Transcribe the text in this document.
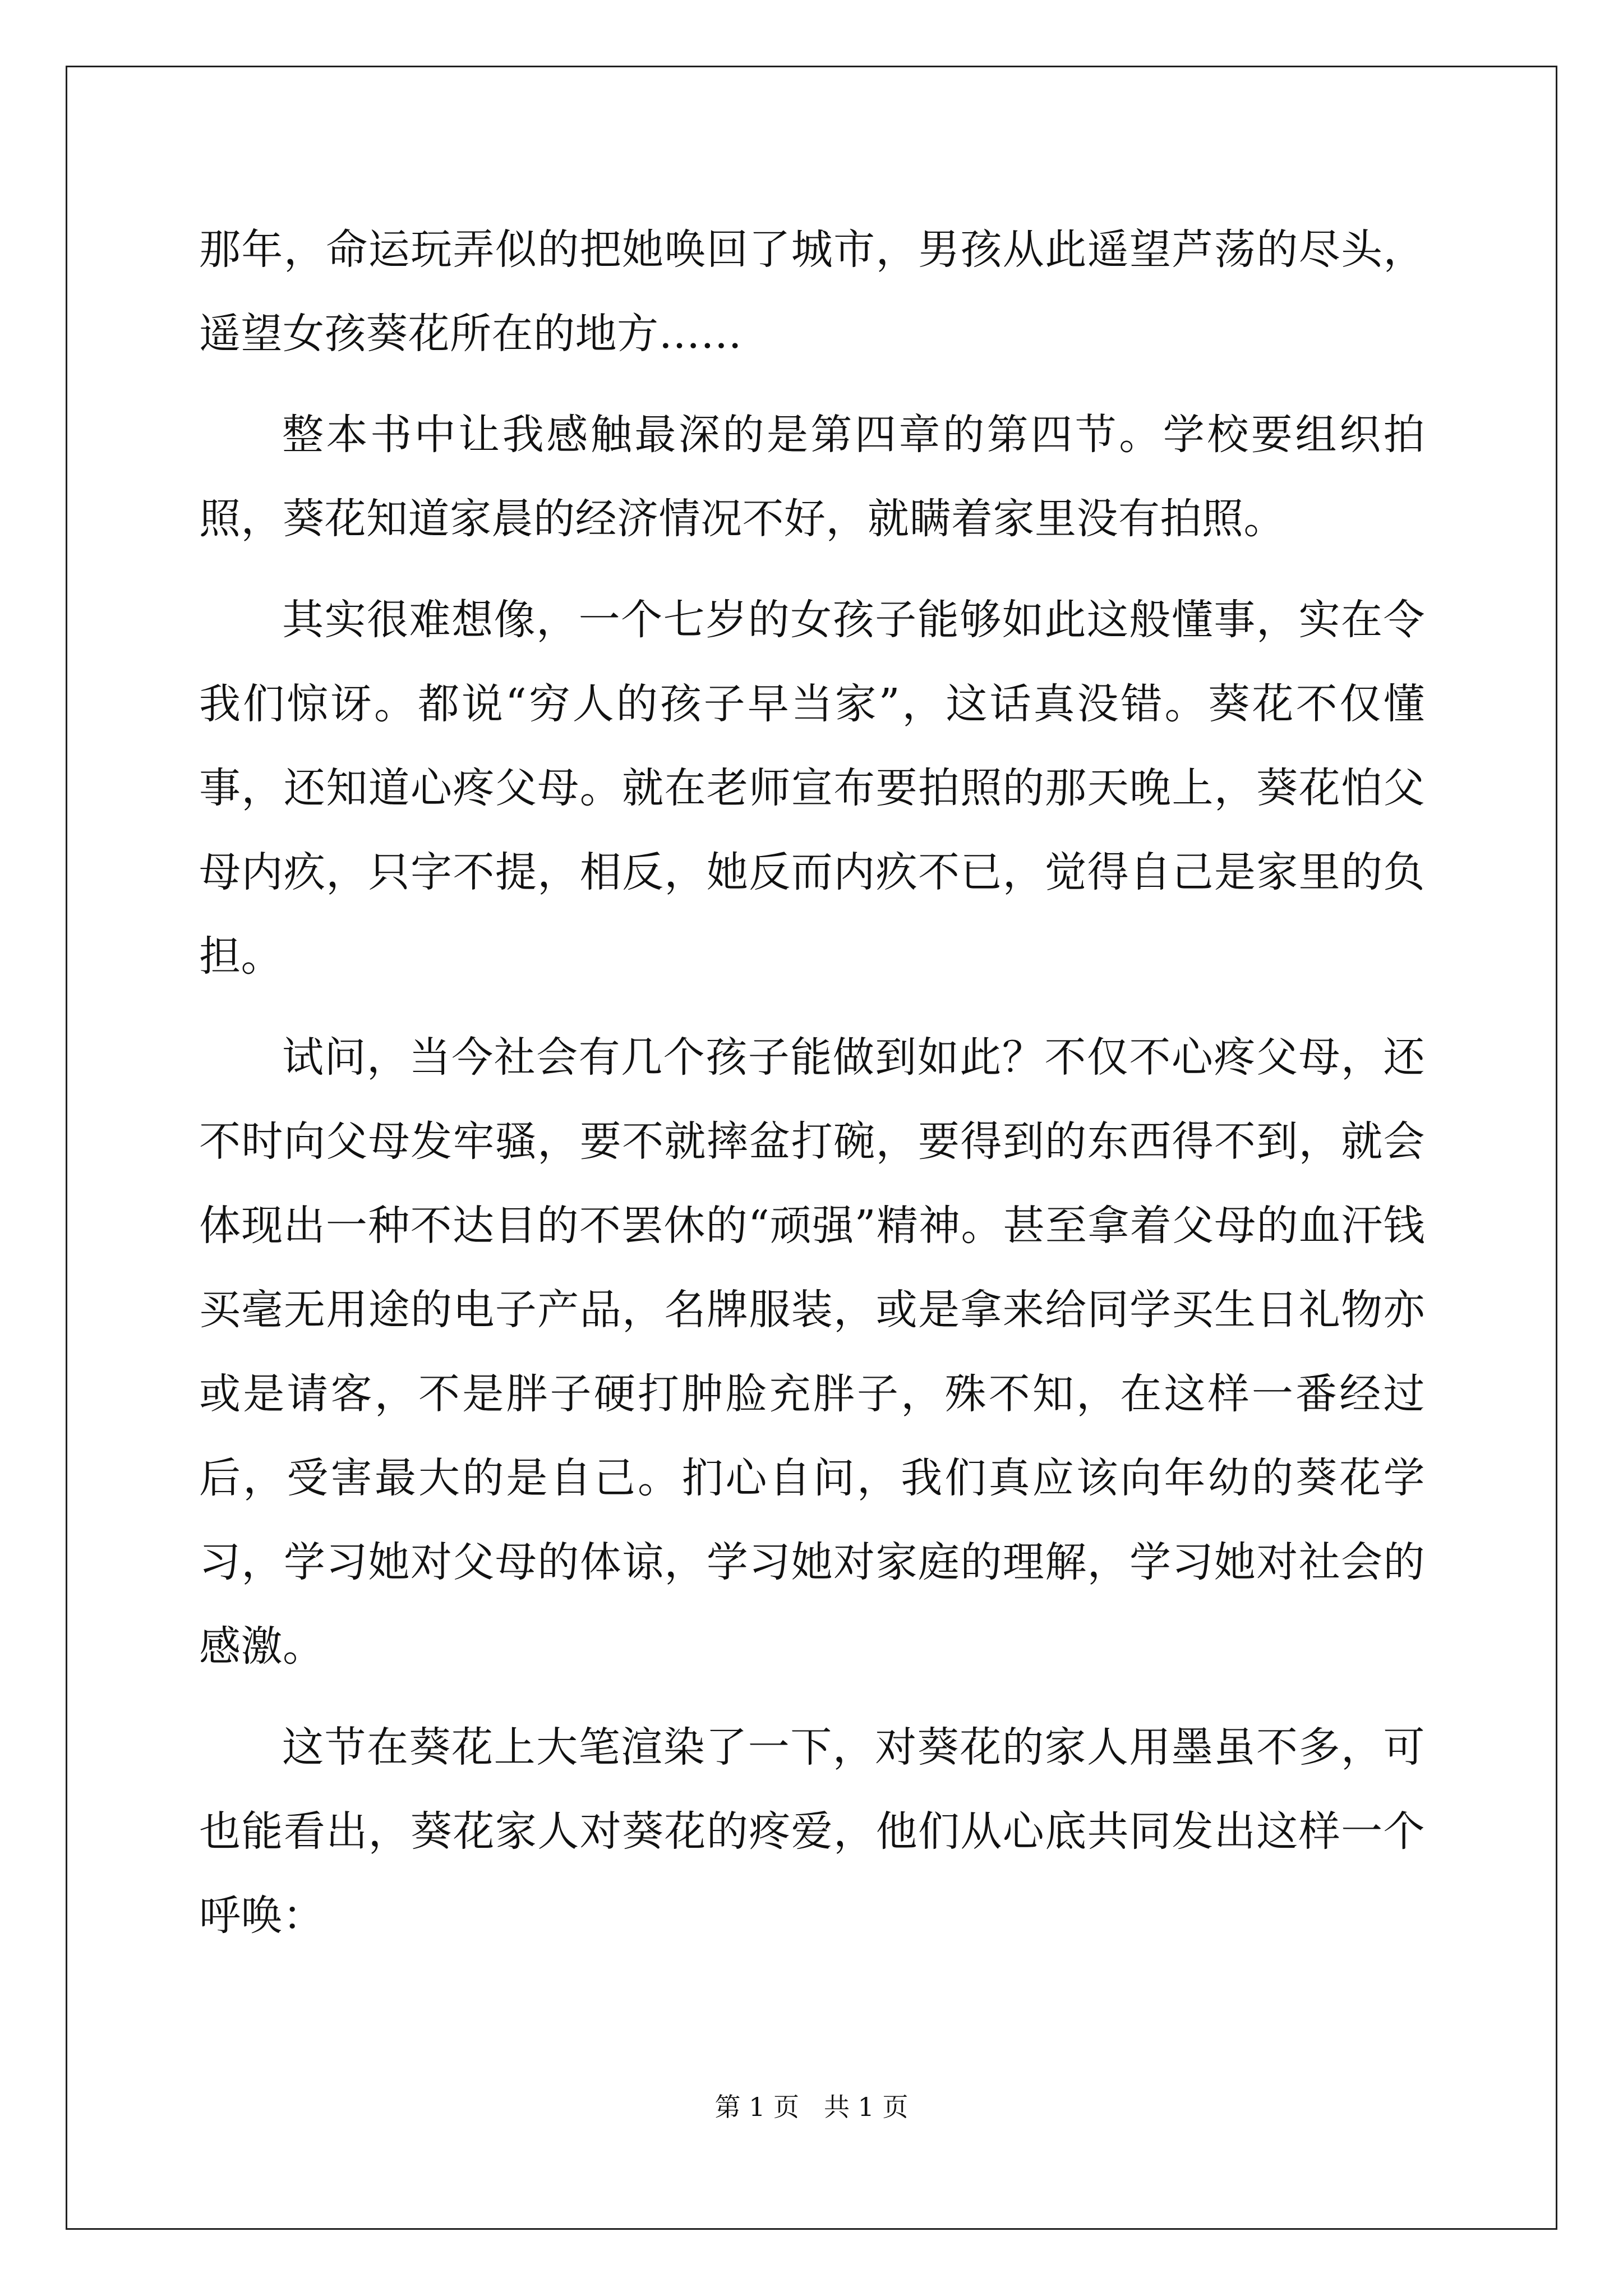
那年，命运玩弄似的把她唤回了城市，男孩从此遥望芦荡的尽头，遥望女孩葵花所在的地方……

整本书中让我感触最深的是第四章的第四节。学校要组织拍照，葵花知道家晨的经济情况不好，就瞒着家里没有拍照。

其实很难想像，一个七岁的女孩子能够如此这般懂事，实在令我们惊讶。都说“穷人的孩子早当家”，这话真没错。葵花不仅懂事，还知道心疼父母。就在老师宣布要拍照的那天晚上，葵花怕父母内疚，只字不提，相反，她反而内疚不已，觉得自己是家里的负担。

试问，当今社会有几个孩子能做到如此？不仅不心疼父母，还不时向父母发牢骚，要不就摔盆打碗，要得到的东西得不到，就会体现出一种不达目的不罢休的“顽强”精神。甚至拿着父母的血汗钱买毫无用途的电子产品，名牌服装，或是拿来给同学买生日礼物亦或是请客，不是胖子硬打肿脸充胖子，殊不知，在这样一番经过后，受害最大的是自己。扪心自问，我们真应该向年幼的葵花学习，学习她对父母的体谅，学习她对家庭的理解，学习她对社会的感激。

这节在葵花上大笔渲染了一下，对葵花的家人用墨虽不多，可也能看出，葵花家人对葵花的疼爱，他们从心底共同发出这样一个呼唤：

第 1 页 共 1 页
